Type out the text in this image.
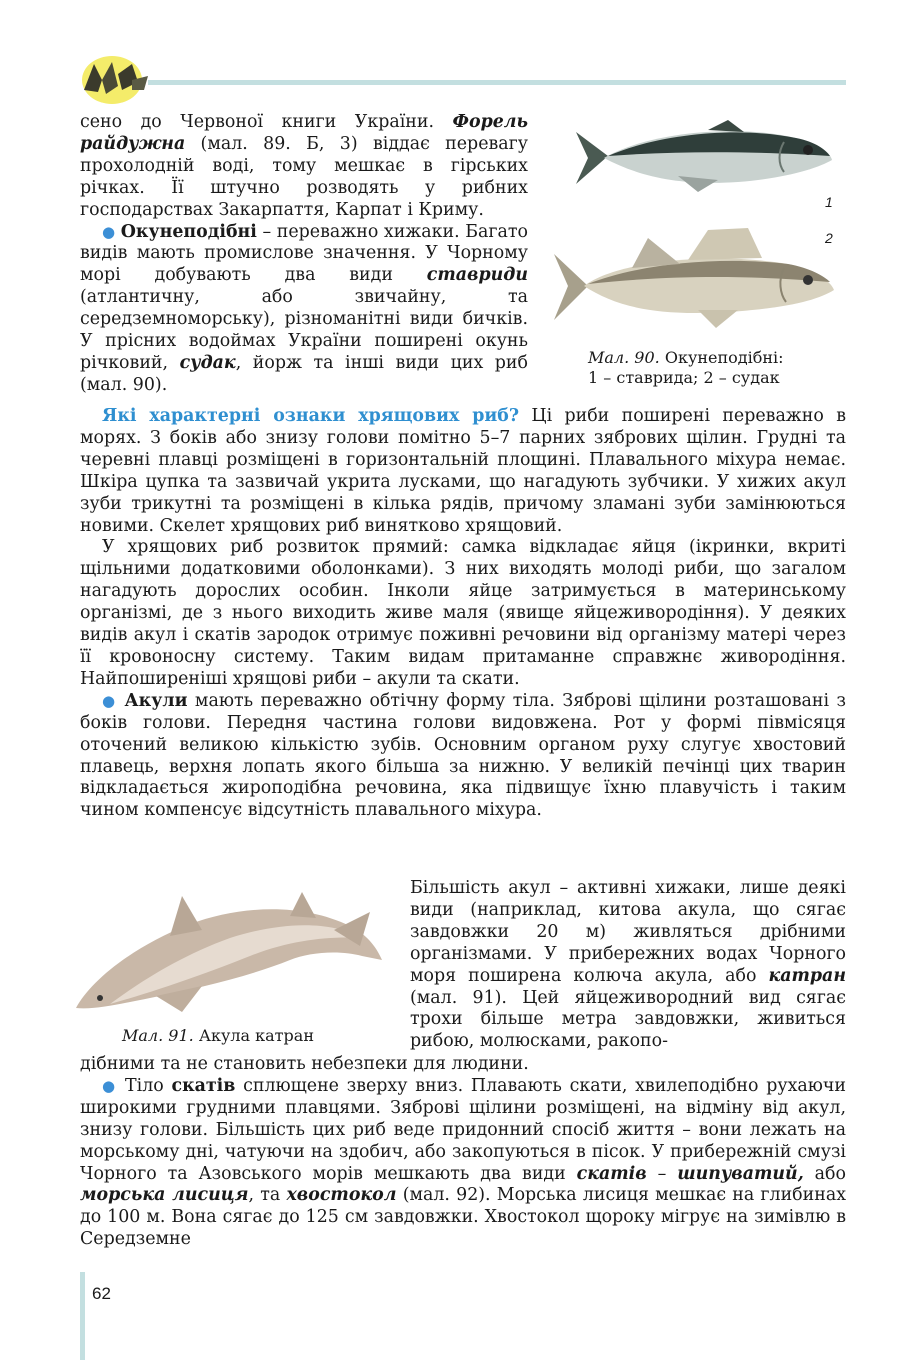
сено до Червоної книги України. Форель райдужна (мал. 89. Б, 3) віддає перевагу прохолодній воді, тому мешкає в гірських річках. Її штучно розводять у рибних господарствах Закарпаття, Карпат і Криму.

● Окунеподібні – переважно хижаки. Багато видів мають промислове значення. У Чорному морі добувають два види ставриди (атлантичну, або звичайну, та середземноморську), різноманітні види бичків. У прісних водоймах України поширені окунь річковий, судак, йорж та інші види цих риб (мал. 90).

1
2
Мал. 90. Окунеподібні:
1 – ставрида; 2 – судак

Які характерні ознаки хрящових риб? Ці риби поширені переважно в морях. З боків або знизу голови помітно 5–7 парних зябрових щілин. Грудні та черевні плавці розміщені в горизонтальній площині. Плавального міхура немає. Шкіра цупка та зазвичай укрита лусками, що нагадують зубчики. У хижих акул зуби трикутні та розміщені в кілька рядів, причому зламані зуби замінюються новими. Скелет хрящових риб винятково хрящовий.

У хрящових риб розвиток прямий: самка відкладає яйця (ікринки, вкриті щільними додатковими оболонками). З них виходять молоді риби, що загалом нагадують дорослих особин. Інколи яйце затримується в материнському організмі, де з нього виходить живе маля (явище яйцеживородіння). У деяких видів акул і скатів зародок отримує поживні речовини від організму матері через її кровоносну систему. Таким видам притаманне справжнє живородіння. Найпоширеніші хрящові риби – акули та скати.

● Акули мають переважно обтічну форму тіла. Зяброві щілини розташовані з боків голови. Передня частина голови видовжена. Рот у формі півмісяця оточений великою кількістю зубів. Основним органом руху слугує хвостовий плавець, верхня лопать якого більша за нижню. У великій печінці цих тварин відкладається жироподібна речовина, яка підвищує їхню плавучість і таким чином компенсує відсутність плавального міхура.

Мал. 91. Акула катран

Більшість акул – активні хижаки, лише деякі види (наприклад, китова акула, що сягає завдовжки 20 м) живляться дрібними організмами. У прибережних водах Чорного моря поширена колюча акула, або катран (мал. 91). Цей яйцеживородний вид сягає трохи більше метра завдовжки, живиться рибою, молюсками, ракопо-

дібними та не становить небезпеки для людини.

● Тіло скатів сплющене зверху вниз. Плавають скати, хвилеподібно рухаючи широкими грудними плавцями. Зяброві щілини розміщені, на відміну від акул, знизу голови. Більшість цих риб веде придонний спосіб життя – вони лежать на морському дні, чатуючи на здобич, або закопуються в пісок. У прибережній смузі Чорного та Азовського морів мешкають два види скатів – шипуватий, або морська лисиця, та хвостокол (мал. 92). Морська лисиця мешкає на глибинах до 100 м. Вона сягає до 125 см завдовжки. Хвостокол щороку мігрує на зимівлю в Середземне

62
